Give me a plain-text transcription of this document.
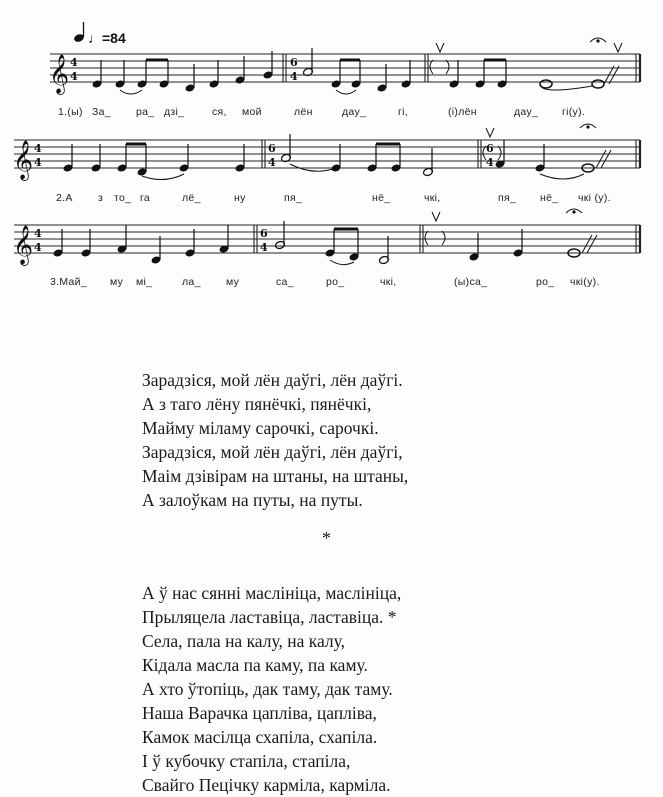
♩=84
𝄞 4
4
6
4
1.(ы) За_ ра_ дзі_	ся, мой	лён	дау_	гі,	(і)лён	дау_ гі(у).
𝄞 4
4
6
4
6
4
2.А з то_ га	лё_	ну	пя_	нё_	чкі,	пя_ нё_ чкі (у).
𝄞 4
4
6
4
3.Май_ му мі_	ла_ му	са_	ро_	чкі,	(ы)са_	ро_ чкі(у).
Зарадзіся, мой лён даўгі, лён даўгі.
А з таго лёну пянёчкі, пянёчкі,
Майму міламу сарочкі, сарочкі.
Зарадзіся, мой лён даўгі, лён даўгі,
Маім дзівірам на штаны, на штаны,
А залоўкам на путы, на путы.
*
А ў нас сянні маслініца, маслініца,
Прыляцела ластавіца, ластавіца. *
Села, пала на калу, на калу,
Кідала масла па каму, па каму.
А хто ўтопіць, дак таму, дак таму.
Наша Варачка цапліва, цапліва,
Камок масілца схапіла, схапіла.
І ў кубочку стапіла, стапіла,
Свайго Пецічку карміла, карміла.
